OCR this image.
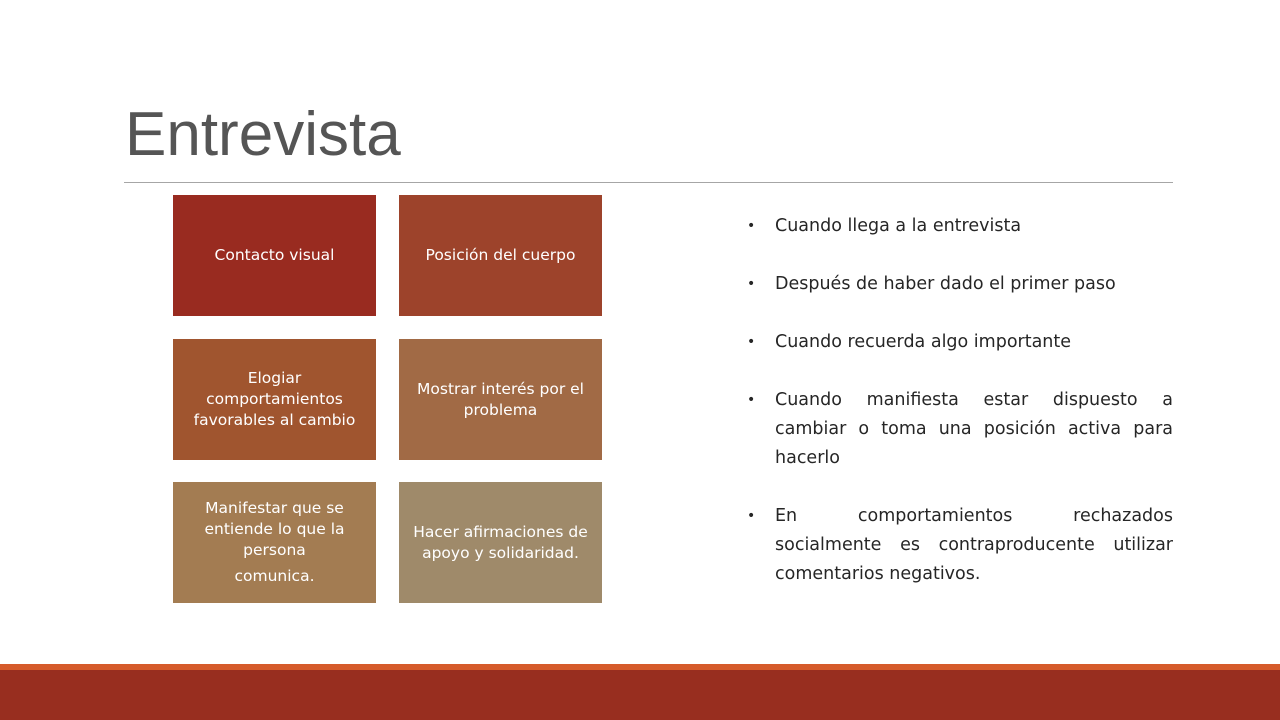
Entrevista
Contacto visual	Posición del cuerpo
Elogiar comportamientos favorables al cambio
Mostrar interés por el problema
Manifestar que se entiende lo que la persona
comunica.
Hacer afirmaciones de apoyo y solidaridad.
• Cuando llega a la entrevista
• Después de haber dado el primer paso
• Cuando recuerda algo importante
• Cuando manifiesta estar dispuesto a cambiar o toma una posición activa para hacerlo
• En comportamientos rechazados socialmente es contraproducente utilizar comentarios negativos.
